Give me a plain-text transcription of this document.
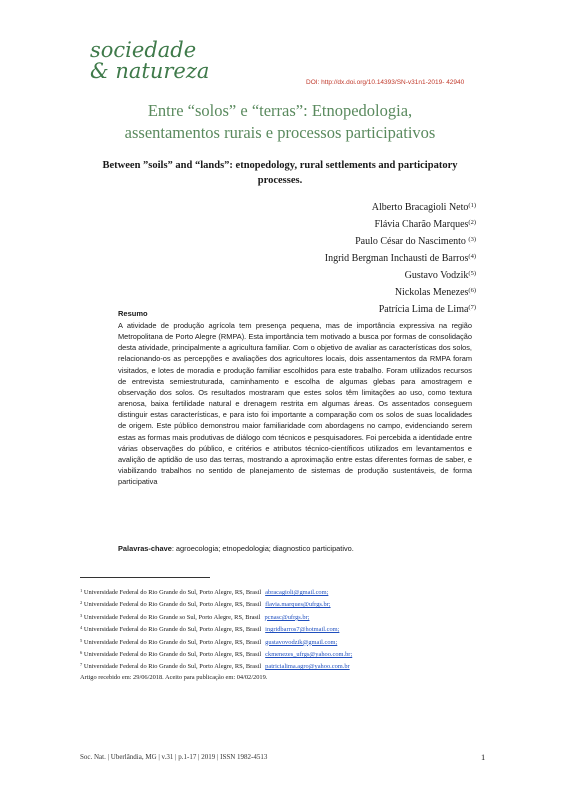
sociedade
& natureza	DOI: http://dx.doi.org/10.14393/SN-v31n1-2019- 42940
Entre “solos” e “terras”: Etnopedologia,
assentamentos rurais e processos participativos
Between ”soils” and “lands”: etnopedology, rural settlements and participatory processes.
Alberto Bracagioli Neto$^{(1)}$
Flávia Charão Marques$^{(2)}$
Paulo César do Nascimento $^{(3)}$
Ingrid Bergman Inchausti de Barros$^{(4)}$
Gustavo Vodzik$^{(5)}$
Nickolas Menezes$^{(6)}$
Patrícia Lima de Lima$^{(7)}$
Resumo
A atividade de produção agrícola tem presença pequena, mas de importância expressiva na região Metropolitana de Porto Alegre (RMPA). Esta importância tem motivado a busca por formas de consolidação desta atividade, principalmente a agricultura familiar. Com o objetivo de avaliar as características dos solos, relacionando-os as percepções e avaliações dos agricultores locais, dois assentamentos da RMPA foram visitados, e lotes de moradia e produção familiar escolhidos para este trabalho. Foram utilizados recursos de entrevista semiestruturada, caminhamento e escolha de algumas glebas para amostragem e observação dos solos. Os resultados mostraram que estes solos têm limitações ao uso, como textura arenosa, baixa fertilidade natural e drenagem restrita em algumas áreas. Os assentados conseguem distinguir estas características, e para isto foi importante a comparação com os solos de suas localidades de origem. Este público demonstrou maior familiaridade com abordagens no campo, evidenciando serem estas as formas mais produtivas de diálogo com técnicos e pesquisadores. Foi percebida a identidade entre várias observações do público, e critérios e atributos técnico-científicos utilizados em levantamentos e avalição de aptidão de uso das terras, mostrando a aproximação entre estas diferentes formas de saber, e viabilizando trabalhos no sentido de planejamento de sistemas de produção sustentáveis, de forma participativa
Palavras-chave: agroecologia; etnopedologia; diagnostico participativo.
$^1$ Universidade Federal do Rio Grande do Sul, Porto Alegre, RS, Brasil abracagioli@gmail.com;
$^2$ Universidade Federal do Rio Grande do Sul, Porto Alegre, RS, Brasil flavia.marques@ufrgs.br;
$^3$ Universidade Federal do Rio Grande so Sul, Porto Alegre, RS, Brasil pcnasc@ufrgs.br;
$^4$ Universidade Federal do Rio Grande do Sul, Porto Alegre, RS, Brasil ingridbarros7@hotmail.com;
$^5$ Universidade Federal do Rio Grande do Sul, Porto Alegre, RS, Brasil gustavovodzik@gmail.com;
$^6$ Universidade Federal do Rio Grande do Sul, Porto Alegre, RS, Brasil ckmenezes_ufrgs@yahoo.com.br;
$^7$ Universidade Federal do Rio Grande do Sul, Porto Alegre, RS, Brasil patricialima.agro@yahoo.com.br
Artigo recebido em: 29/06/2018. Aceito para publicação em: 04/02/2019.
Soc. Nat. | Uberlândia, MG | v.31 | p.1-17 | 2019 | ISSN 1982-4513	1
